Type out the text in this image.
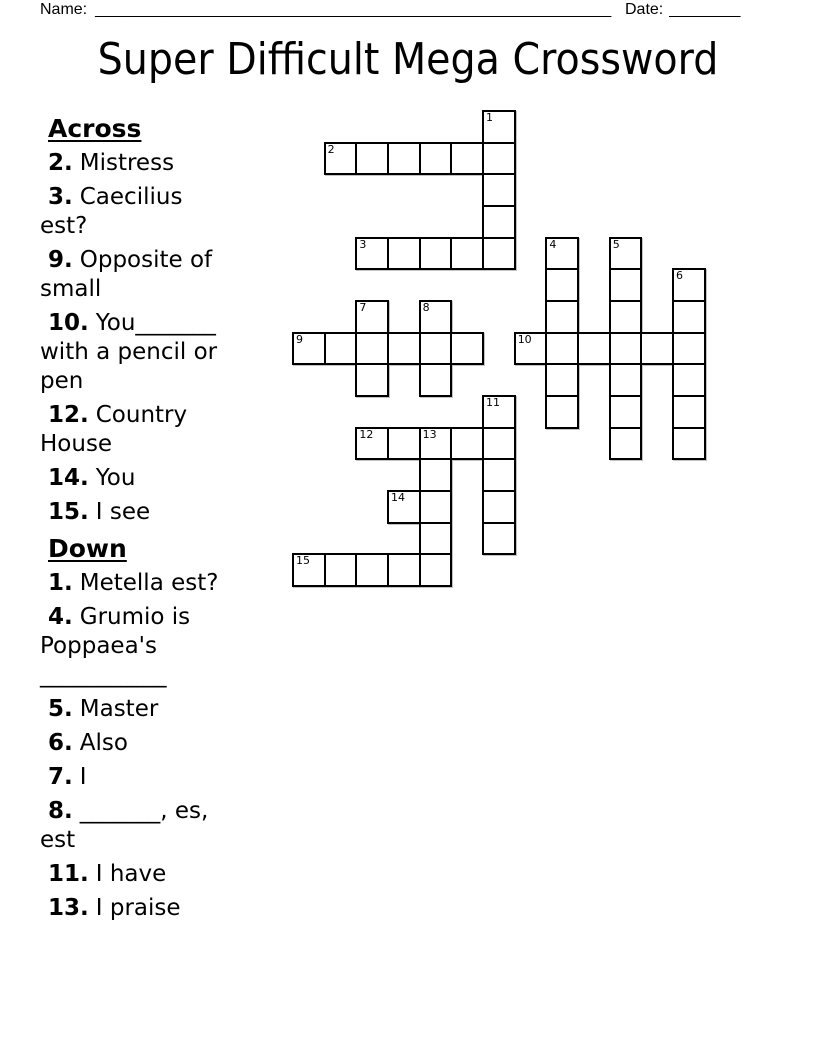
Name: __________________________________________________________ Date: ________
Super Difficult Mega Crossword
Across
2. Mistress
3. Caecilius
est?
9. Opposite of
small
10. You_______
with a pencil or
pen
12. Country
House
14. You
15. I see
Down
1. Metella est?
4. Grumio is
Poppaea's
___________
5. Master
6. Also
7. I
8. _______, es,
est
11. I have
13. I praise
1
2
3	4	5
6
7	8
9	10
11
12	13
14
15
